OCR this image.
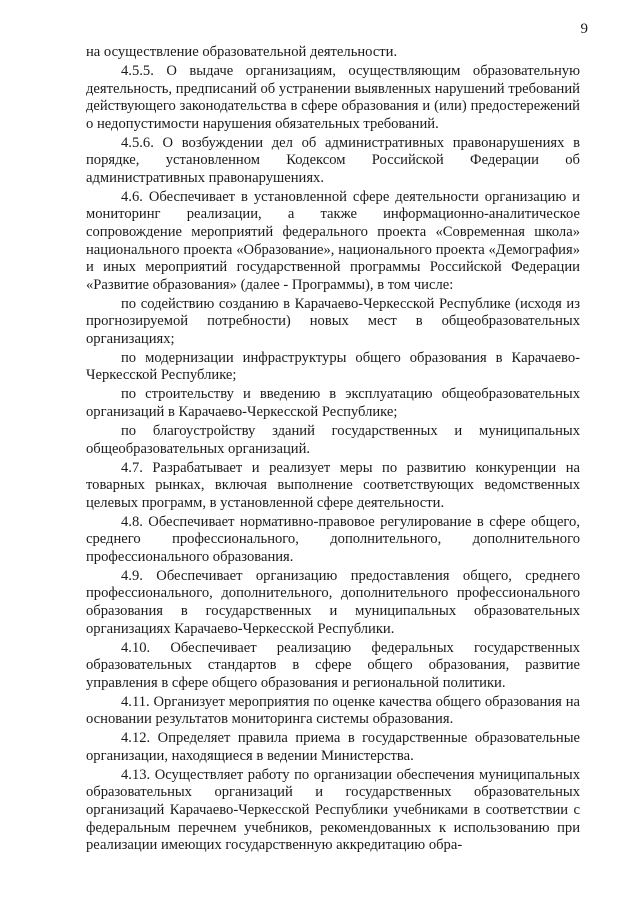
9

на осуществление образовательной деятельности.

4.5.5. О выдаче организациям, осуществляющим образовательную деятельность, предписаний об устранении выявленных нарушений требований действующего законодательства в сфере образования и (или) предостережений о недопустимости нарушения обязательных требований.

4.5.6. О возбуждении дел об административных правонарушениях в порядке, установленном Кодексом Российской Федерации об административных правонарушениях.

4.6. Обеспечивает в установленной сфере деятельности организацию и мониторинг реализации, а также информационно-аналитическое сопровождение мероприятий федерального проекта «Современная школа» национального проекта «Образование», национального проекта «Демография» и иных мероприятий государственной программы Российской Федерации «Развитие образования» (далее - Программы), в том числе:

по содействию созданию в Карачаево-Черкесской Республике (исходя из прогнозируемой потребности) новых мест в общеобразовательных организациях;

по модернизации инфраструктуры общего образования в Карачаево-Черкесской Республике;

по строительству и введению в эксплуатацию общеобразовательных организаций в Карачаево-Черкесской Республике;

по благоустройству зданий государственных и муниципальных общеобразовательных организаций.

4.7. Разрабатывает и реализует меры по развитию конкуренции на товарных рынках, включая выполнение соответствующих ведомственных целевых программ, в установленной сфере деятельности.

4.8. Обеспечивает нормативно-правовое регулирование в сфере общего, среднего профессионального, дополнительного, дополнительного профессионального образования.

4.9. Обеспечивает организацию предоставления общего, среднего профессионального, дополнительного, дополнительного профессионального образования в государственных и муниципальных образовательных организациях Карачаево-Черкесской Республики.

4.10. Обеспечивает реализацию федеральных государственных образовательных стандартов в сфере общего образования, развитие управления в сфере общего образования и региональной политики.

4.11. Организует мероприятия по оценке качества общего образования на основании результатов мониторинга системы образования.

4.12. Определяет правила приема в государственные образовательные организации, находящиеся в ведении Министерства.

4.13. Осуществляет работу по организации обеспечения муниципальных образовательных организаций и государственных образовательных организаций Карачаево-Черкесской Республики учебниками в соответствии с федеральным перечнем учебников, рекомендованных к использованию при реализации имеющих государственную аккредитацию обра-
